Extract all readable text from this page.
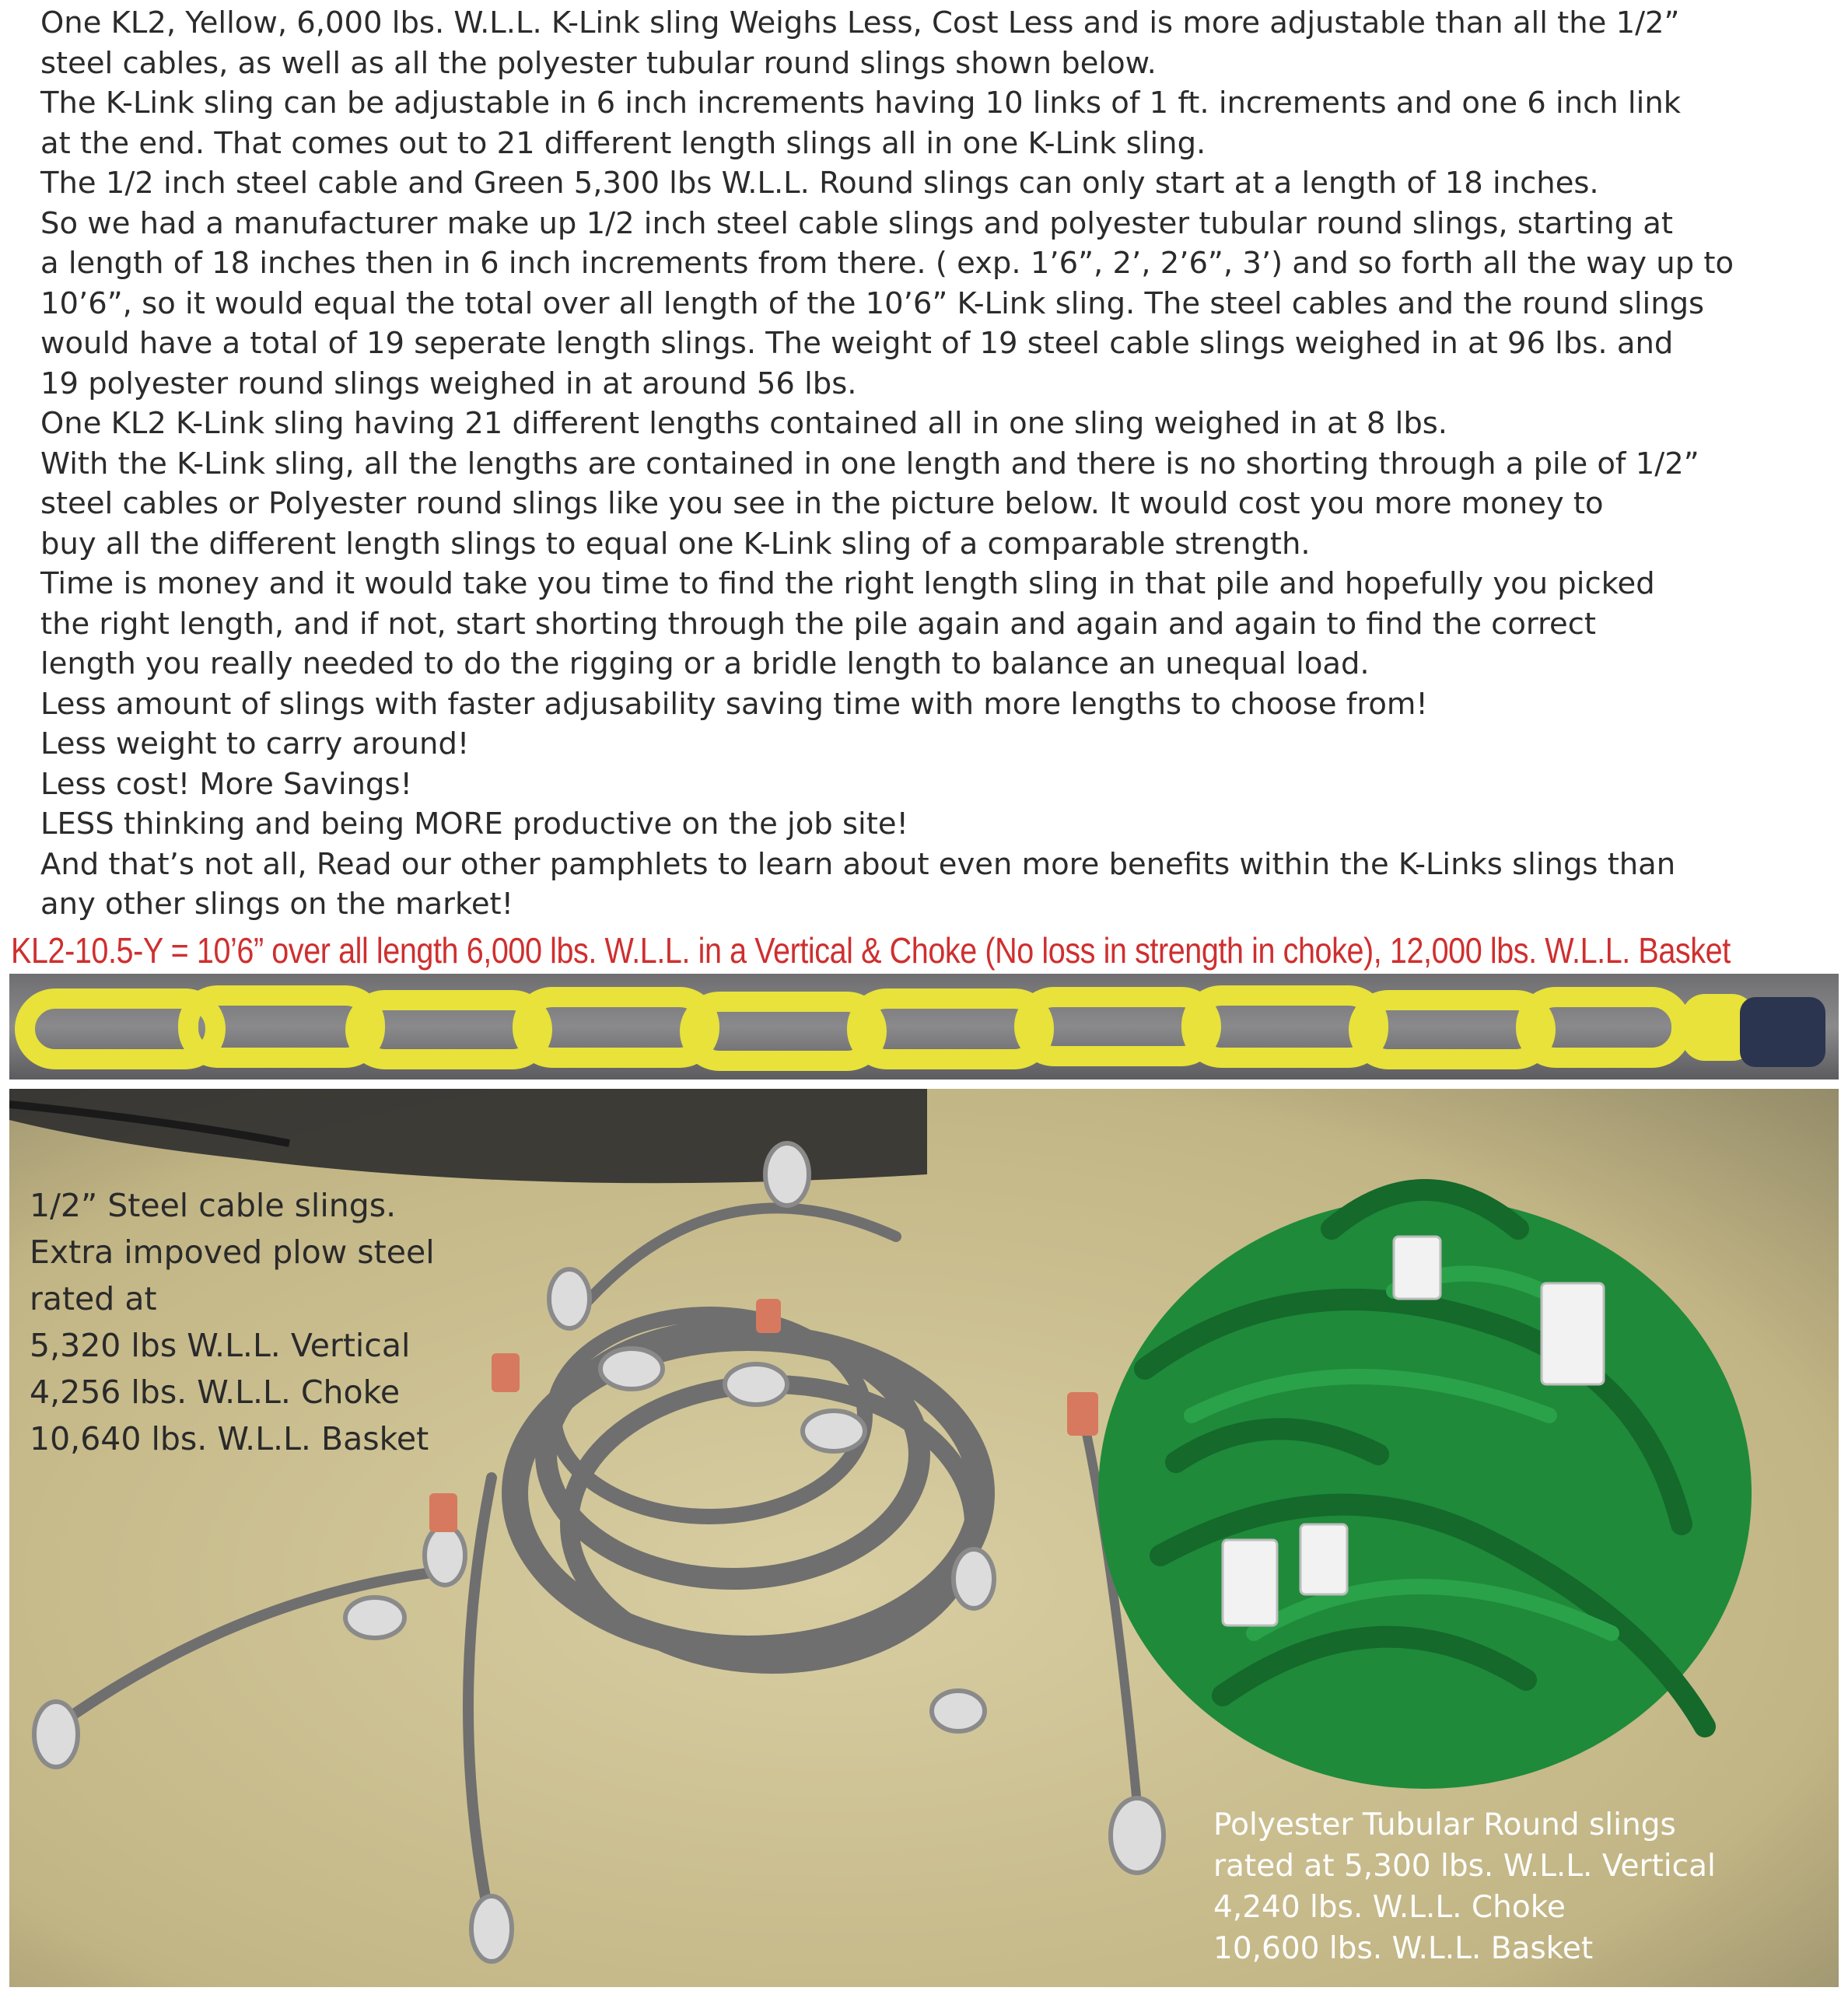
One KL2, Yellow, 6,000 lbs. W.L.L. K-Link sling Weighs Less, Cost Less and is more adjustable than all the 1/2”
steel cables, as well as all the polyester tubular round slings shown below.
The K-Link sling can be adjustable in 6 inch increments having 10 links of 1 ft. increments and one 6 inch link
at the end. That comes out to 21 different length slings all in one K-Link sling.
The 1/2 inch steel cable and Green 5,300 lbs W.L.L. Round slings can only start at a length of 18 inches.
So we had a manufacturer make up 1/2 inch steel cable slings and polyester tubular round slings, starting at
a length of 18 inches then in 6 inch increments from there. ( exp. 1’6”, 2’, 2’6”, 3’) and so forth all the way up to
10’6”, so it would equal the total over all length of the 10’6” K-Link sling. The steel cables and the round slings
would have a total of 19 seperate length slings. The weight of 19 steel cable slings weighed in at 96 lbs. and
19 polyester round slings weighed in at around 56 lbs.
One KL2 K-Link sling having 21 different lengths contained all in one sling weighed in at 8 lbs.
With the K-Link sling, all the lengths are contained in one length and there is no shorting through a pile of 1/2”
steel cables or Polyester round slings like you see in the picture below. It would cost you more money to
buy all the different length slings to equal one K-Link sling of a comparable strength.
Time is money and it would take you time to find the right length sling in that pile and hopefully you picked
the right length, and if not, start shorting through the pile again and again and again to find the correct
length you really needed to do the rigging or a bridle length to balance an unequal load.
Less amount of slings with faster adjusability saving time with more lengths to choose from!
Less weight to carry around!
Less cost! More Savings!
LESS thinking and being MORE productive on the job site!
And that’s not all, Read our other pamphlets to learn about even more benefits within the K-Links slings than
any other slings on the market!
KL2-10.5-Y = 10’6” over all length 6,000 lbs. W.L.L. in a Vertical & Choke (No loss in strength in choke), 12,000 lbs. W.L.L. Basket
1/2” Steel cable slings.
Extra impoved plow steel
rated at
5,320 lbs W.L.L. Vertical
4,256 lbs. W.L.L. Choke
10,640 lbs. W.L.L. Basket
Polyester Tubular Round slings
rated at 5,300 lbs. W.L.L. Vertical
4,240 lbs. W.L.L. Choke
10,600 lbs. W.L.L. Basket
